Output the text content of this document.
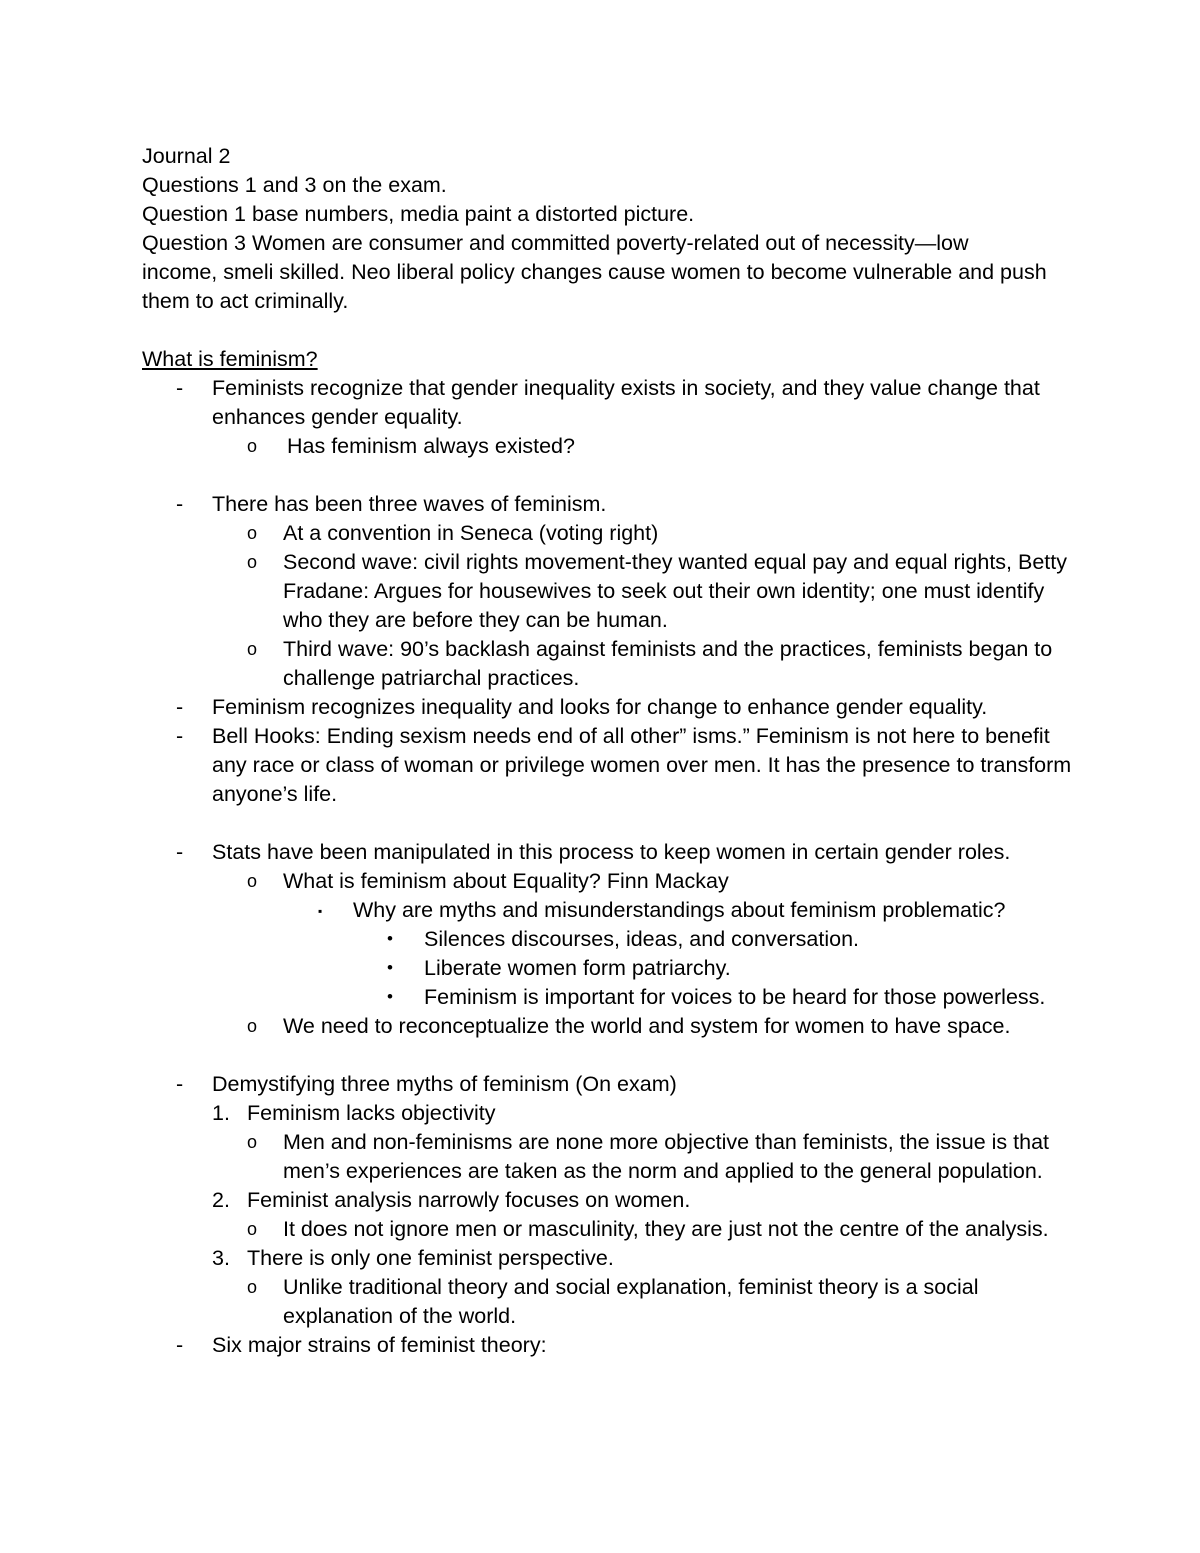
Journal 2
Questions 1 and 3 on the exam.
Question 1 base numbers, media paint a distorted picture.
Question 3 Women are consumer and committed poverty-related out of necessity—low
income, smeli skilled. Neo liberal policy changes cause women to become vulnerable and push
them to act criminally.
What is feminism?
- Feminists recognize that gender inequality exists in society, and they value change that enhances gender equality.
o Has feminism always existed?
- There has been three waves of feminism.
o At a convention in Seneca (voting right)
o Second wave: civil rights movement-they wanted equal pay and equal rights, Betty Fradane: Argues for housewives to seek out their own identity; one must identify who they are before they can be human.
o Third wave: 90’s backlash against feminists and the practices, feminists began to challenge patriarchal practices.
- Feminism recognizes inequality and looks for change to enhance gender equality.
- Bell Hooks: Ending sexism needs end of all other” isms.” Feminism is not here to benefit any race or class of woman or privilege women over men. It has the presence to transform anyone’s life.
- Stats have been manipulated in this process to keep women in certain gender roles.
o What is feminism about Equality? Finn Mackay
▪ Why are myths and misunderstandings about feminism problematic?
• Silences discourses, ideas, and conversation.
• Liberate women form patriarchy.
• Feminism is important for voices to be heard for those powerless.
o We need to reconceptualize the world and system for women to have space.
- Demystifying three myths of feminism (On exam)
1. Feminism lacks objectivity
o Men and non-feminisms are none more objective than feminists, the issue is that men’s experiences are taken as the norm and applied to the general population.
2. Feminist analysis narrowly focuses on women.
o It does not ignore men or masculinity, they are just not the centre of the analysis.
3. There is only one feminist perspective.
o Unlike traditional theory and social explanation, feminist theory is a social explanation of the world.
- Six major strains of feminist theory:
